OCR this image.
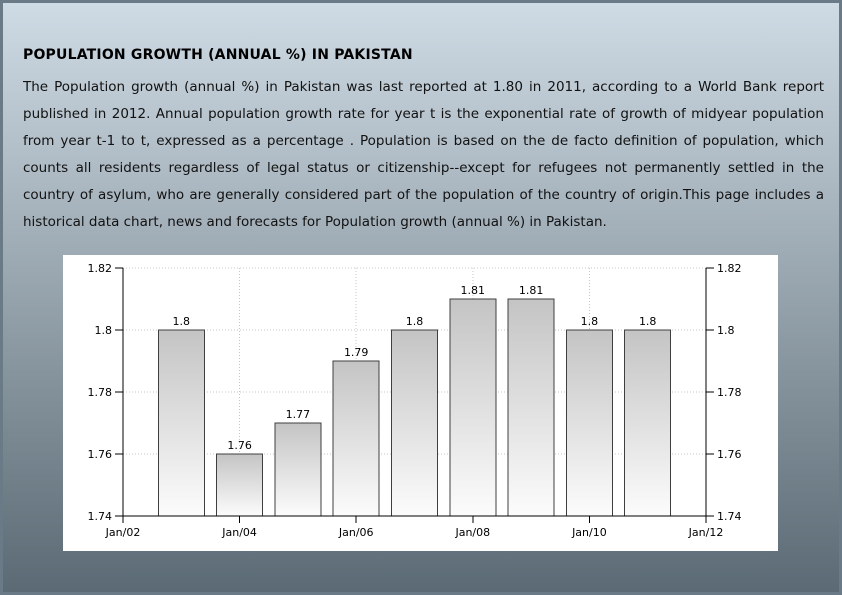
POPULATION GROWTH (ANNUAL %) IN PAKISTAN

The Population growth (annual %) in Pakistan was last reported at 1.80 in 2011, according to a World Bank report published in 2012. Annual population growth rate for year t is the exponential rate of growth of midyear population from year t-1 to t, expressed as a percentage . Population is based on the de facto definition of population, which counts all residents regardless of legal status or citizenship--except for refugees not permanently settled in the country of asylum, who are generally considered part of the population of the country of origin.This page includes a historical data chart, news and forecasts for Population growth (annual %) in Pakistan.

1.8
1.76
1.77
1.79
1.8
1.81	1.81
1.8	1.8
1.74	1.74
1.76	1.76
1.78	1.78
1.8	1.8
1.82	1.82
Jan/02	Jan/04	Jan/06	Jan/08	Jan/10	Jan/12
